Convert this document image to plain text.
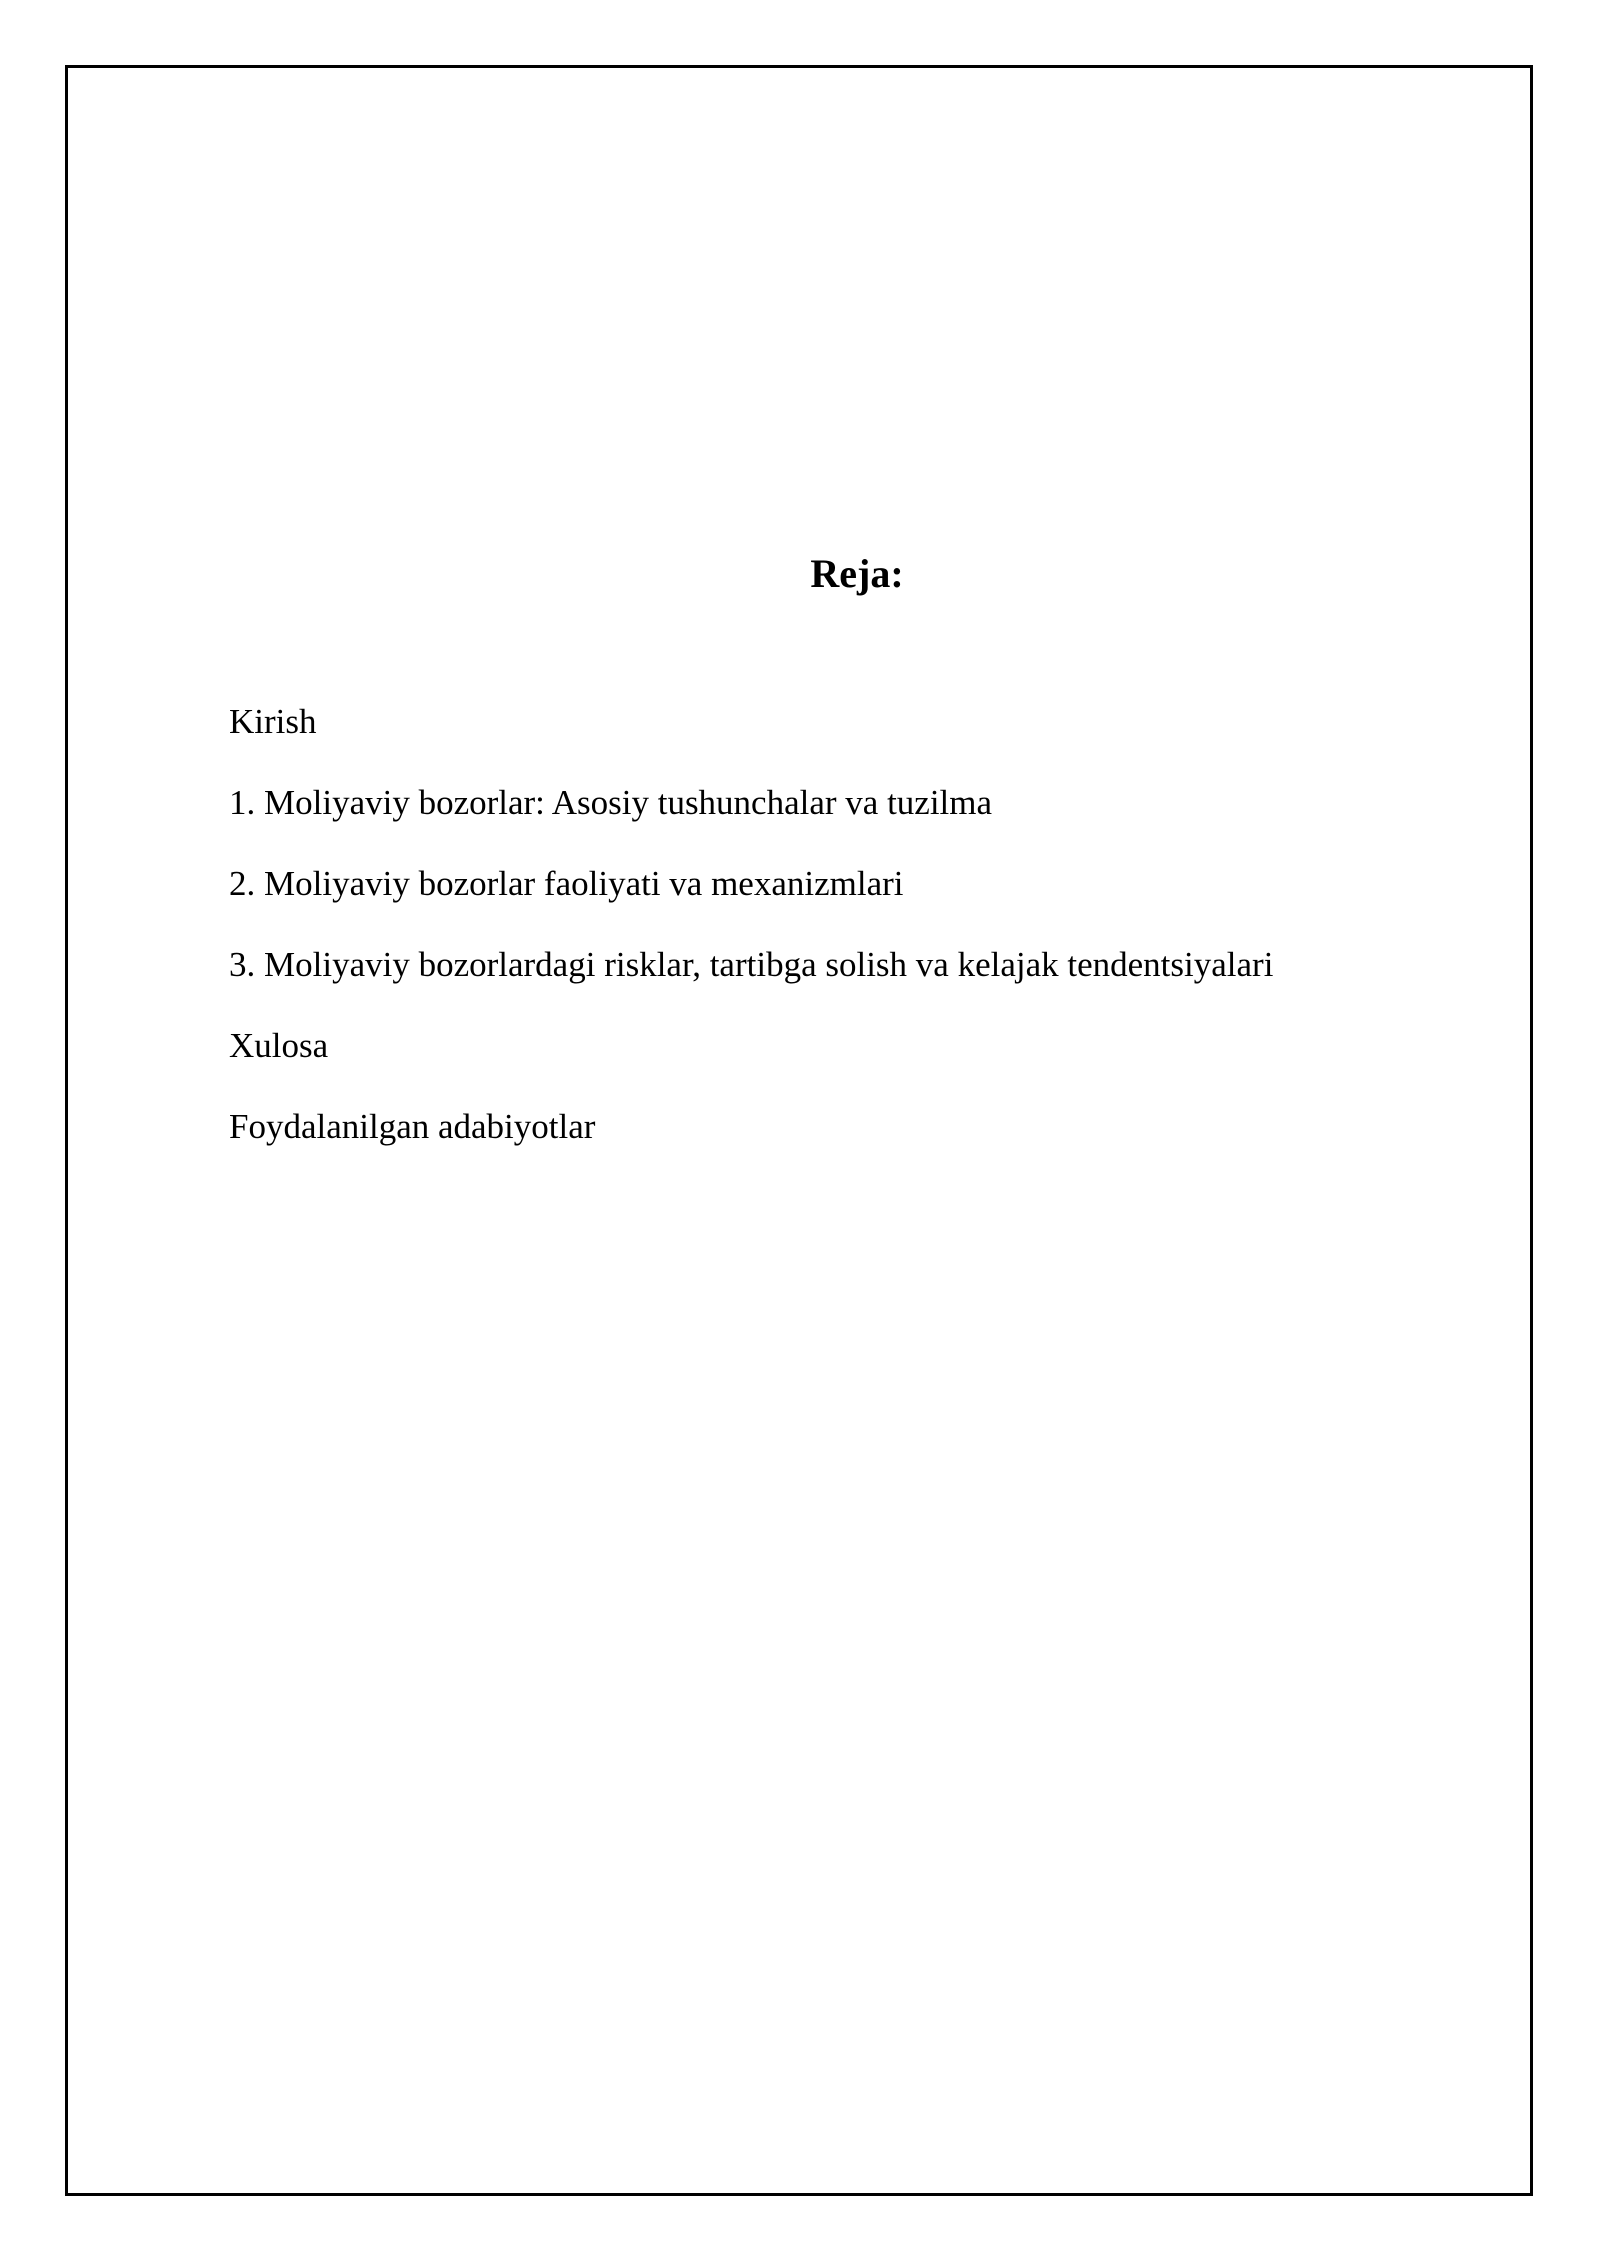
Reja:
Kirish
1. Moliyaviy bozorlar: Asosiy tushunchalar va tuzilma
2. Moliyaviy bozorlar faoliyati va mexanizmlari
3. Moliyaviy bozorlardagi risklar, tartibga solish va kelajak tendentsiyalari
Xulosa
Foydalanilgan adabiyotlar
